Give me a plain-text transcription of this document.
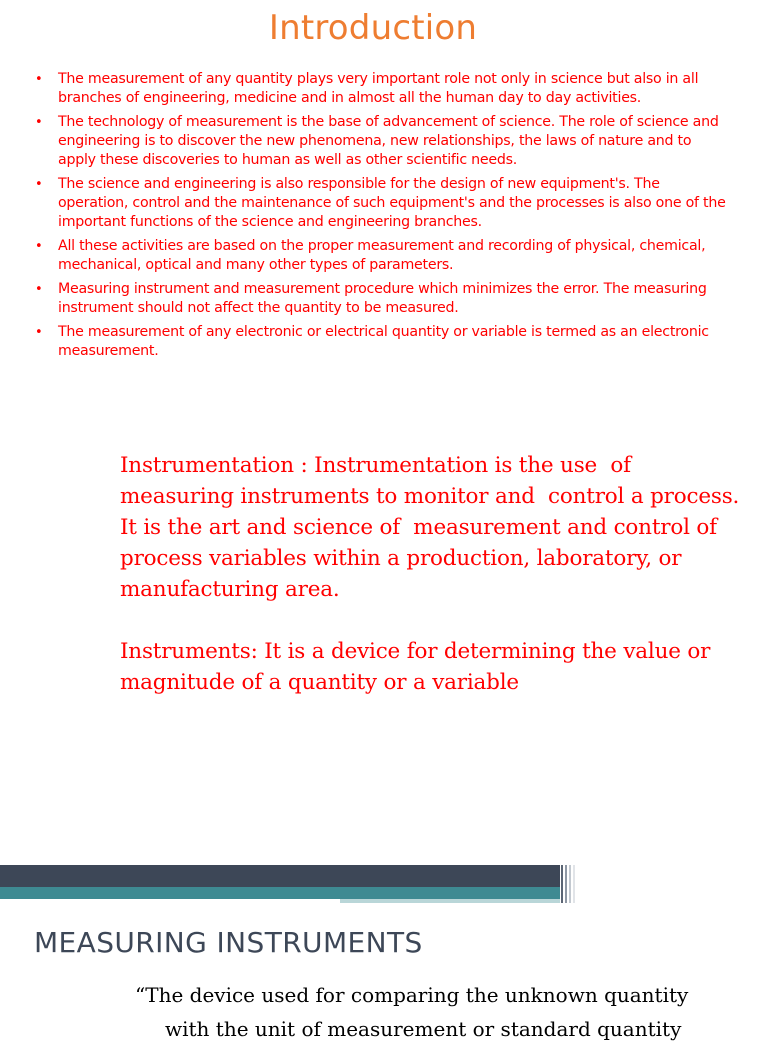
Introduction
• The measurement of any quantity plays very important role not only in science but also in all branches of engineering, medicine and in almost all the human day to day activities.
• The technology of measurement is the base of advancement of science. The role of science and engineering is to discover the new phenomena, new relationships, the laws of nature and to apply these discoveries to human as well as other scientific needs.
• The science and engineering is also responsible for the design of new equipment's. The operation, control and the maintenance of such equipment's and the processes is also one of the important functions of the science and engineering branches.
• All these activities are based on the proper measurement and recording of physical, chemical, mechanical, optical and many other types of parameters.
• Measuring instrument and measurement procedure which minimizes the error. The measuring instrument should not affect the quantity to be measured.
• The measurement of any electronic or electrical quantity or variable is termed as an electronic measurement.

Instrumentation : Instrumentation is the use  of measuring instruments to monitor and  control a process. It is the art and science of  measurement and control of process variables within a production, laboratory, or  manufacturing area.

Instruments: It is a device for determining the value or magnitude of a quantity or a variable

MEASURING INSTRUMENTS
“The device used for comparing the unknown quantity
with the unit of measurement or standard quantity
